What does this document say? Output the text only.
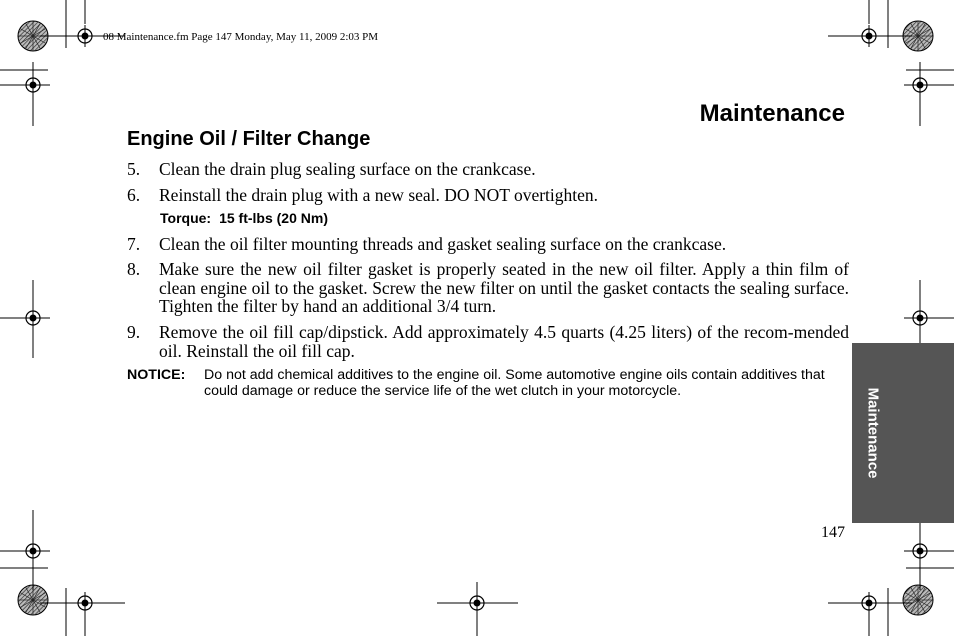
08 Maintenance.fm Page 147 Monday, May 11, 2009 2:03 PM
Maintenance
Engine Oil / Filter Change
5. Clean the drain plug sealing surface on the crankcase.
6. Reinstall the drain plug with a new seal. DO NOT overtighten.
Torque: 15 ft-lbs (20 Nm)
7. Clean the oil filter mounting threads and gasket sealing surface on the crankcase.
8. Make sure the new oil filter gasket is properly seated in the new oil filter. Apply a thin film of clean engine oil to the gasket. Screw the new filter on until the gasket contacts the sealing surface. Tighten the filter by hand an additional 3/4 turn.
9. Remove the oil fill cap/dipstick. Add approximately 4.5 quarts (4.25 liters) of the recom-mended oil. Reinstall the oil fill cap.
NOTICE: Do not add chemical additives to the engine oil. Some automotive engine oils contain additives that could damage or reduce the service life of the wet clutch in your motorcycle.	Maintenance
147
